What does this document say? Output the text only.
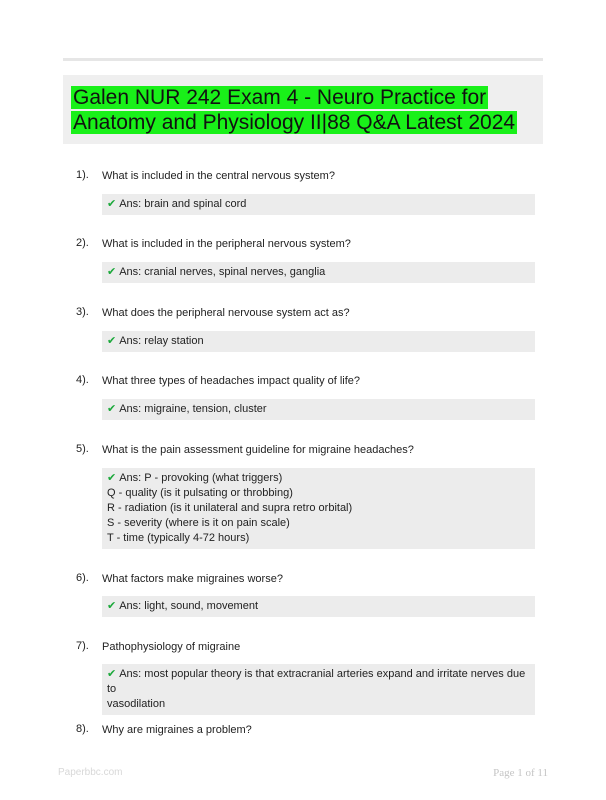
Galen NUR 242 Exam 4 - Neuro Practice for Anatomy and Physiology II|88 Q&A Latest 2024
1). What is included in the central nervous system?
✔ Ans: brain and spinal cord
2). What is included in the peripheral nervous system?
✔ Ans: cranial nerves, spinal nerves, ganglia
3). What does the peripheral nervouse system act as?
✔ Ans: relay station
4). What three types of headaches impact quality of life?
✔ Ans: migraine, tension, cluster
5). What is the pain assessment guideline for migraine headaches?
✔ Ans: P - provoking (what triggers)
Q - quality (is it pulsating or throbbing)
R - radiation (is it unilateral and supra retro orbital)
S - severity (where is it on pain scale)
T - time (typically 4-72 hours)
6). What factors make migraines worse?
✔ Ans: light, sound, movement
7). Pathophysiology of migraine
✔ Ans: most popular theory is that extracranial arteries expand and irritate nerves due to
vasodilation
8). Why are migraines a problem?
Paperbbc.com	Page 1 of 11
